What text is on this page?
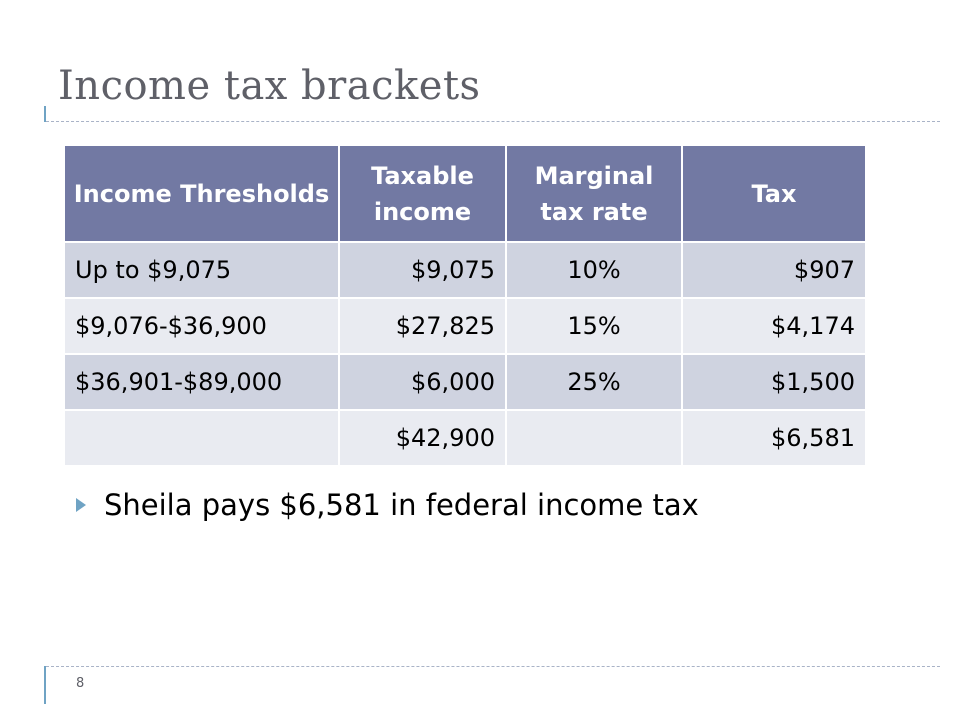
Income tax brackets
Income Thresholds	Taxable income	Marginal tax rate	Tax
Up to $9,075	$9,075	10%	$907
$9,076-$36,900	$27,825	15%	$4,174
$36,901-$89,000	$6,000	25%	$1,500
	$42,900		$6,581
Sheila pays $6,581 in federal income tax
8
